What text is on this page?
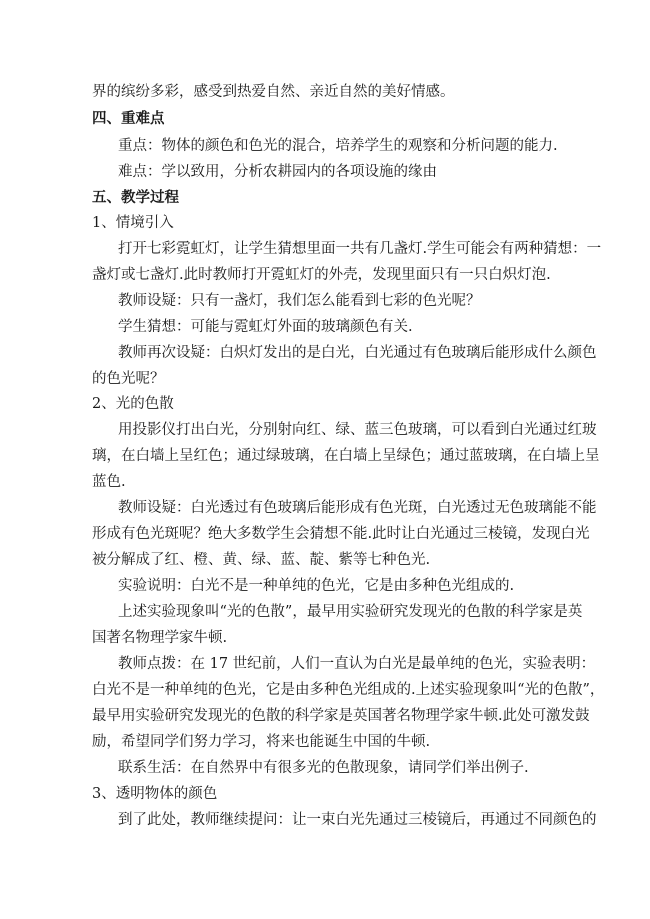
界的缤纷多彩，感受到热爱自然、亲近自然的美好情感。
四、重难点
重点：物体的颜色和色光的混合，培养学生的观察和分析问题的能力.
难点：学以致用，分析农耕园内的各项设施的缘由
五、教学过程
1、情境引入
打开七彩霓虹灯，让学生猜想里面一共有几盏灯.学生可能会有两种猜想：一
盏灯或七盏灯.此时教师打开霓虹灯的外壳，发现里面只有一只白炽灯泡.
教师设疑：只有一盏灯，我们怎么能看到七彩的色光呢？
学生猜想：可能与霓虹灯外面的玻璃颜色有关.
教师再次设疑：白炽灯发出的是白光，白光通过有色玻璃后能形成什么颜色
的色光呢？
2、光的色散
用投影仪打出白光，分别射向红、绿、蓝三色玻璃，可以看到白光通过红玻
璃，在白墙上呈红色；通过绿玻璃，在白墙上呈绿色；通过蓝玻璃，在白墙上呈
蓝色.
教师设疑：白光透过有色玻璃后能形成有色光斑，白光透过无色玻璃能不能
形成有色光斑呢？绝大多数学生会猜想不能.此时让白光通过三棱镜，发现白光
被分解成了红、橙、黄、绿、蓝、靛、紫等七种色光.
实验说明：白光不是一种单纯的色光，它是由多种色光组成的.
上述实验现象叫“光的色散”，最早用实验研究发现光的色散的科学家是英
国著名物理学家牛顿.
教师点拨：在 17 世纪前，人们一直认为白光是最单纯的色光，实验表明：
白光不是一种单纯的色光，它是由多种色光组成的.上述实验现象叫“光的色散”，
最早用实验研究发现光的色散的科学家是英国著名物理学家牛顿.此处可激发鼓
励，希望同学们努力学习，将来也能诞生中国的牛顿.
联系生活：在自然界中有很多光的色散现象，请同学们举出例子.
3、透明物体的颜色
到了此处，教师继续提问：让一束白光先通过三棱镜后，再通过不同颜色的
